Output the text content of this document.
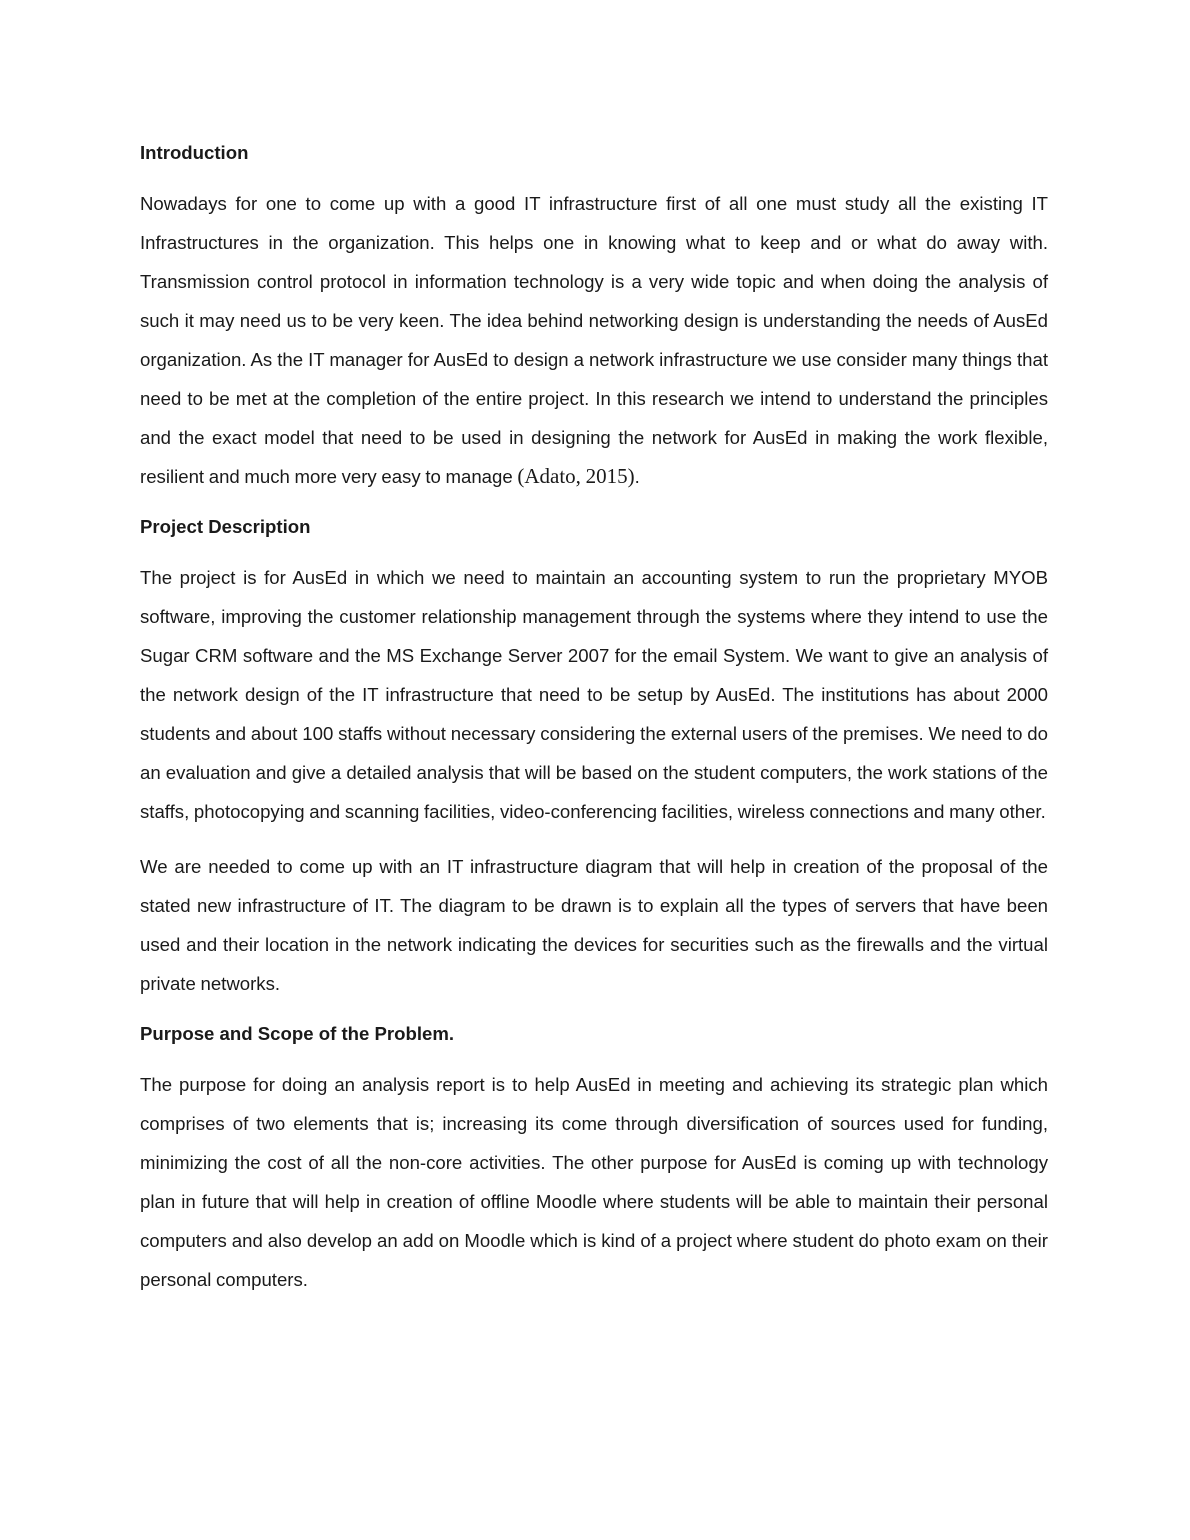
Introduction

Nowadays for one to come up with a good IT infrastructure first of all one must study all the existing IT Infrastructures in the organization. This helps one in knowing what to keep and or what do away with. Transmission control protocol in information technology is a very wide topic and when doing the analysis of such it may need us to be very keen. The idea behind networking design is understanding the needs of AusEd organization. As the IT manager for AusEd to design a network infrastructure we use consider many things that need to be met at the completion of the entire project. In this research we intend to understand the principles and the exact model that need to be used in designing the network for AusEd in making the work flexible, resilient and much more very easy to manage (Adato, 2015).

Project Description

The project is for AusEd in which we need to maintain an accounting system to run the proprietary MYOB software, improving the customer relationship management through the systems where they intend to use the Sugar CRM software and the MS Exchange Server 2007 for the email System. We want to give an analysis of the network design of the IT infrastructure that need to be setup by AusEd. The institutions has about 2000 students and about 100 staffs without necessary considering the external users of the premises. We need to do an evaluation and give a detailed analysis that will be based on the student computers, the work stations of the staffs, photocopying and scanning facilities, video-conferencing facilities, wireless connections and many other.

We are needed to come up with an IT infrastructure diagram that will help in creation of the proposal of the stated new infrastructure of IT. The diagram to be drawn is to explain all the types of servers that have been used and their location in the network indicating the devices for securities such as the firewalls and the virtual private networks.

Purpose and Scope of the Problem.

The purpose for doing an analysis report is to help AusEd in meeting and achieving its strategic plan which comprises of two elements that is; increasing its come through diversification of sources used for funding, minimizing the cost of all the non-core activities. The other purpose for AusEd is coming up with technology plan in future that will help in creation of offline Moodle where students will be able to maintain their personal computers and also develop an add on Moodle which is kind of a project where student do photo exam on their personal computers.
